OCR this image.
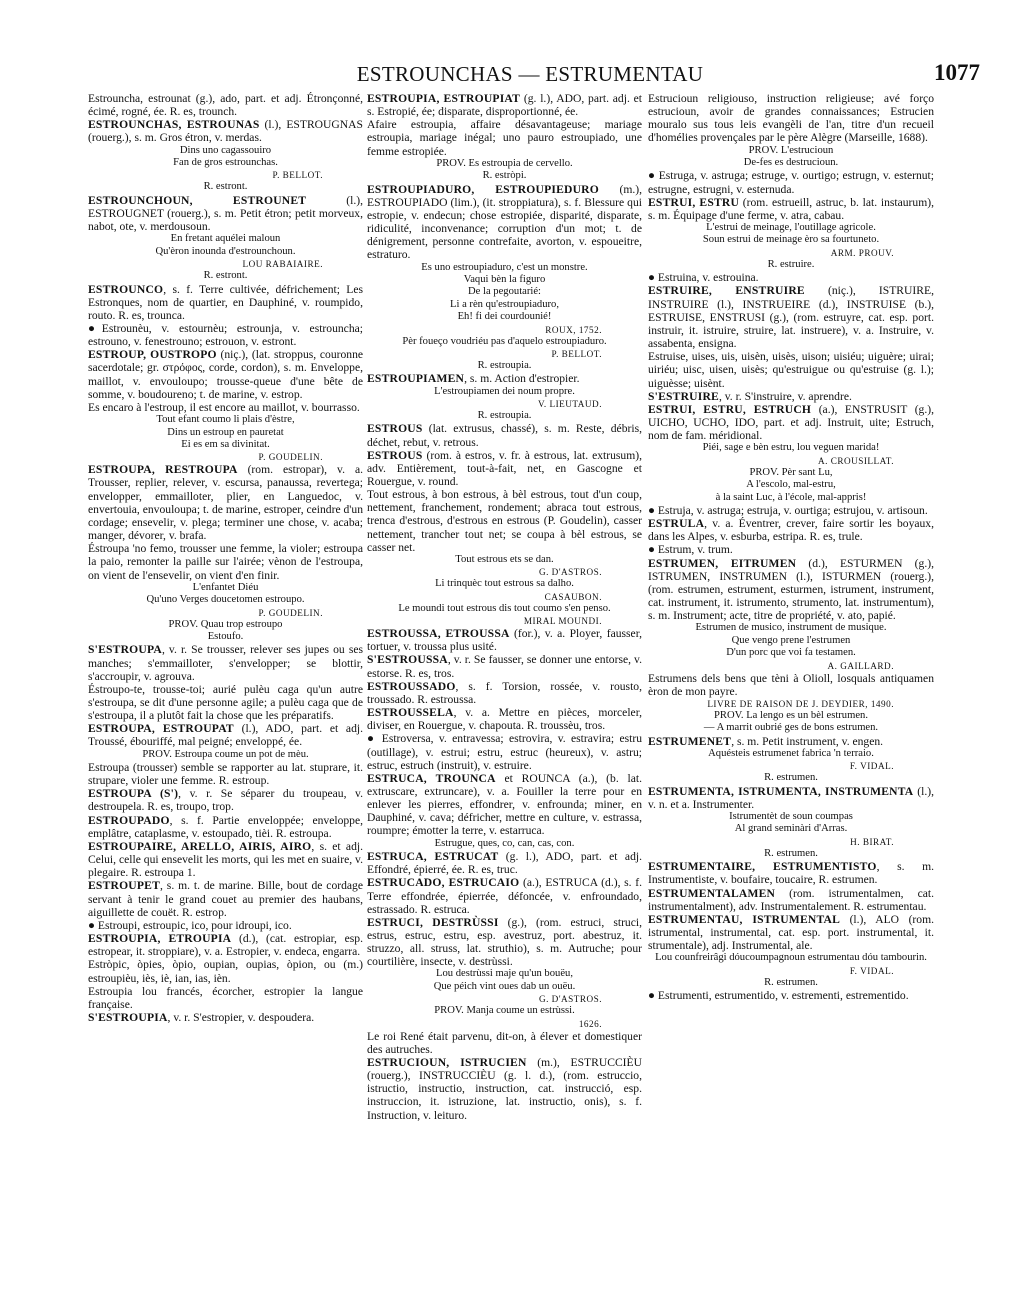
ESTROUNCHAS — ESTRUMENTAU	1077

Estrouncha, estrounat (g.), ado, part. et adj. Étronçonné, écimé, rogné, ée. R. es, trounch.

ESTROUNCHAS, ESTROUNAS (l.), ESTROUGNAS (rouerg.), s. m. Gros étron, v. merdas.

Dins uno cagassouiro

Fan de gros estrounchas.

P. BELLOT.

R. estront.

ESTROUNCHOUN, ESTROUNET (l.), ESTROUGNET (rouerg.), s. m. Petit étron; petit morveux, nabot, ote, v. merdousoun.

En fretant aquélei maloun

Qu'èron inounda d'estrounchoun.

LOU RABAIAIRE.

R. estront.

ESTROUNCO, s. f. Terre cultivée, défrichement; Les Estronques, nom de quartier, en Dauphiné, v. roumpido, routo. R. es, trounca.

●Estrounèu, v. estournèu; estrounja, v. estrouncha; estrouno, v. fenestrouno; estrouon, v. estront.

ESTROUP, OUSTROPO (niç.), (lat. stroppus, couronne sacerdotale; gr. στρόφος, corde, cordon), s. m. Enveloppe, maillot, v. envouloupo; trousse-queue d'une bête de somme, v. boudoureno; t. de marine, v. estrop.

Es encaro à l'estroup, il est encore au maillot, v. bourrasso.

Tout efant coumo li plais d'èstre,

Dins un estroup en pauretat

Ei es em sa divinitat.

P. GOUDELIN.

ESTROUPA, RESTROUPA (rom. estropar), v. a. Trousser, replier, relever, v. escursa, panaussa, revertega; envelopper, emmailloter, plier, en Languedoc, v. envertouia, envouloupa; t. de marine, estroper, ceindre d'un cordage; ensevelir, v. plega; terminer une chose, v. acaba; manger, dévorer, v. brafa.

Éstroupa 'no femo, trousser une femme, la violer; estroupa la paio, remonter la paille sur l'airée; vènon de l'estroupa, on vient de l'ensevelir, on vient d'en finir.

L'enfantet Diéu

Qu'uno Verges doucetomen estroupo.

P. GOUDELIN.

PROV. Quau trop estroupo

Estoufo.

S'ESTROUPA, v. r. Se trousser, relever ses jupes ou ses manches; s'emmailloter, s'envelopper; se blottir, s'accroupir, v. agrouva.

Éstroupo-te, trousse-toi; aurié pulèu caga qu'un autre s'estroupa, se dit d'une personne agile; a pulèu caga que de s'estroupa, il a plutôt fait la chose que les préparatifs.

ESTROUPA, ESTROUPAT (l.), ADO, part. et adj. Troussé, ébouriffé, mal peigné; enveloppé, ée.

PROV. Estroupa coume un pot de mèu.

Estroupa (trousser) semble se rapporter au lat. stuprare, it. strupare, violer une femme. R. estroup.

ESTROUPA (S'), v. r. Se séparer du troupeau, v. destroupela. R. es, troupo, trop.

ESTROUPADO, s. f. Partie enveloppée; enveloppe, emplâtre, cataplasme, v. estoupado, tièi. R. estroupa.

ESTROUPAIRE, ARELLO, AIRIS, AIRO, s. et adj. Celui, celle qui ensevelit les morts, qui les met en suaire, v. plegaire. R. estroupa 1.

ESTROUPET, s. m. t. de marine. Bille, bout de cordage servant à tenir le grand couet au premier des haubans, aiguillette de couët. R. estrop.

● Estroupi, estroupic, ico, pour idroupi, ico.

ESTROUPIA, ETROUPIA (d.), (cat. estropiar, esp. estropear, it. stroppiare), v. a. Estropier, v. endeca, engarra.

Estròpic, òpies, òpio, oupian, oupias, òpion, ou (m.) estroupièu, iès, iè, ian, ias, ièn.

Estroupia lou francés, écorcher, estropier la langue française.

S'ESTROUPIA, v. r. S'estropier, v. despoudera.

ESTROUPIA, ESTROUPIAT (g. l.), ADO, part. adj. et s. Estropié, ée; disparate, disproportionné, ée.

Afaire estroupia, affaire désavantageuse; mariage estroupia, mariage inégal; uno pauro estroupiado, une femme estropiée.

PROV. Es estroupia de cervello.

R. estròpi.

ESTROUPIADURO, ESTROUPIEDURO (m.), ESTROUPIADO (lim.), (it. stroppiatura), s. f. Blessure qui estropie, v. endecun; chose estropiée, disparité, disparate, ridiculité, inconvenance; corruption d'un mot; t. de dénigrement, personne contrefaite, avorton, v. espoueitre, estraturo.

Es uno estroupiaduro, c'est un monstre.

Vaqui bèn la figuro

De la pegoutarié:

Li a rèn qu'estroupiaduro,

Eh! fi dei courdounié!

ROUX, 1752.

Pèr foueço voudriéu pas d'aquelo estroupiaduro.

P. BELLOT.

R. estroupia.

ESTROUPIAMEN, s. m. Action d'estropier.

L'estroupiamen dei noum propre.

V. LIEUTAUD.

R. estroupia.

ESTROUS (lat. extrusus, chassé), s. m. Reste, débris, déchet, rebut, v. retrous.

ESTROUS (rom. à estros, v. fr. à estrous, lat. extrusum), adv. Entièrement, tout-à-fait, net, en Gascogne et Rouergue, v. round.

Tout estrous, à bon estrous, à bèl estrous, tout d'un coup, nettement, franchement, rondement; abraca tout estrous, trenca d'estrous, d'estrous en estrous (P. Goudelin), casser nettement, trancher tout net; se coupa à bèl estrous, se casser net.

Tout estrous ets se dan.

G. D'ASTROS.

Li trinquèc tout estrous sa dalho.

CASAUBON.

Le moundi tout estrous dis tout coumo s'en penso.

MIRAL MOUNDI.

ESTROUSSA, ETROUSSA (for.), v. a. Ployer, fausser, tortuer, v. troussa plus usité.

S'ESTROUSSA, v. r. Se fausser, se donner une entorse, v. estorse. R. es, tros.

ESTROUSSADO, s. f. Torsion, rossée, v. rousto, troussado. R. estroussa.

ESTROUSSELA, v. a. Mettre en pièces, morceler, diviser, en Rouergue, v. chapouta. R. troussèu, tros.

● Estroversa, v. entravessa; estrovira, v. estravira; estru (outillage), v. estrui; estru, estruc (heureux), v. astru; estruc, estruch (instruit), v. estruire.

ESTRUCA, TROUNCA et ROUNCA (a.), (b. lat. extruscare, extruncare), v. a. Fouiller la terre pour en enlever les pierres, effondrer, v. enfrounda; miner, en Dauphiné, v. cava; défricher, mettre en culture, v. estrassa, roumpre; émotter la terre, v. estarruca.

Estrugue, ques, co, can, cas, con.

ESTRUCA, ESTRUCAT (g. l.), ADO, part. et adj. Effondré, épierré, ée. R. es, truc.

ESTRUCADO, ESTRUCAIO (a.), ESTRUCA (d.), s. f. Terre effondrée, épierrée, défoncée, v. enfroundado, estrassado. R. estruca.

ESTRUCI, DESTRÙSSI (g.), (rom. estruci, struci, estrus, estruc, estru, esp. avestruz, port. abestruz, it. struzzo, all. struss, lat. struthio), s. m. Autruche; pour courtilière, insecte, v. destrùssi.

Lou destrùssi maje qu'un bouëu,

Que péich vint oues dab un ouëu.

G. D'ASTROS.

PROV. Manja coume un estrùssi.

1626.

Le roi René était parvenu, dit-on, à élever et domestiquer des autruches.

ESTRUCIOUN, ISTRUCIEN (m.), ESTRUCCIÈU (rouerg.), INSTRUCCIÈU (g. l. d.), (rom. estruccio, istructio, instructio, instruction, cat. instrucció, esp. instruccion, it. istruzione, lat. instructio, onis), s. f. Instruction, v. leituro.

Estrucioun religiouso, instruction religieuse; avé forço estrucioun, avoir de grandes connaissances; Estrucien mouralo sus tous leis evangèli de l'an, titre d'un recueil d'homélies provençales par le père Alègre (Marseille, 1688).

PROV. L'estrucioun

De-fes es destrucioun.

● Estruga, v. astruga; estruge, v. ourtigo; estrugn, v. esternut; estrugne, estrugni, v. esternuda.

ESTRUI, ESTRU (rom. estrueill, astruc, b. lat. instaurum), s. m. Équipage d'une ferme, v. atra, cabau.

L'estrui de meinage, l'outillage agricole.

Soun estrui de meinage èro sa fourtuneto.

ARM. PROUV.

R. estruire.

● Estruina, v. estrouina.

ESTRUIRE, ENSTRUIRE (niç.), ISTRUIRE, INSTRUIRE (l.), INSTRUEIRE (d.), INSTRUISE (b.), ESTRUISE, ENSTRUSI (g.), (rom. estruyre, cat. esp. port. instruir, it. istruire, struire, lat. instruere), v. a. Instruire, v. assabenta, ensigna.

Estruise, uises, uis, uisèn, uisès, uison; uisiéu; uiguère; uirai; uiriéu; uisc, uisen, uisès; qu'estruigue ou qu'estruise (g. l.); uiguèsse; uisènt.

S'ESTRUIRE, v. r. S'instruire, v. aprendre.

ESTRUI, ESTRU, ESTRUCH (a.), ENSTRUSIT (g.), UICHO, UCHO, IDO, part. et adj. Instruit, uite; Estruch, nom de fam. méridional.

Piéi, sage e bèn estru, lou veguen marida!

A. CROUSILLAT.

PROV. Pèr sant Lu,

A l'escolo, mal-estru,

à la saint Luc, à l'école, mal-appris!

● Estruja, v. astruga; estruja, v. ourtiga; estrujou, v. artisoun.

ESTRULA, v. a. Éventrer, crever, faire sortir les boyaux, dans les Alpes, v. esburba, estripa. R. es, trule.

● Estrum, v. trum.

ESTRUMEN, EITRUMEN (d.), ESTURMEN (g.), ISTRUMEN, INSTRUMEN (l.), ISTURMEN (rouerg.), (rom. estrumen, estrument, esturmen, istrument, instrument, cat. instrument, it. istrumento, strumento, lat. instrumentum), s. m. Instrument; acte, titre de propriété, v. ato, papié.

Estrumen de musico, instrument de musique.

Que vengo prene l'estrumen

D'un porc que voi fa testamen.

A. GAILLARD.

Estrumens dels bens que tèni à Olioll, losquals antiquamen èron de mon payre.

LIVRE DE RAISON DE J. DEYDIER, 1490.

PROV. La lengo es un bèl estrumen.

— A marrit oubrié ges de bons estrumen.

ESTRUMENET, s. m. Petit instrument, v. engen.

Aquésteis estrumenet fabrica 'n terraio.

F. VIDAL.

R. estrumen.

ESTRUMENTA, ISTRUMENTA, INSTRUMENTA (l.), v. n. et a. Instrumenter.

Istrumentèt de soun coumpas

Al grand seminàri d'Arras.

H. BIRAT.

R. estrumen.

ESTRUMENTAIRE, ESTRUMENTISTO, s. m. Instrumentiste, v. boufaire, toucaire, R. estrumen.

ESTRUMENTALAMEN (rom. istrumentalmen, cat. instrumentalment), adv. Instrumentalement. R. estrumentau.

ESTRUMENTAU, ISTRUMENTAL (l.), ALO (rom. istrumental, instrumental, cat. esp. port. instrumental, it. strumentale), adj. Instrumental, ale.

Lou counfreirâgi dóucoumpagnoun estrumentau dóu tambourin.

F. VIDAL.

R. estrumen.

● Estrumenti, estrumentido, v. estrementi, estrementido.
